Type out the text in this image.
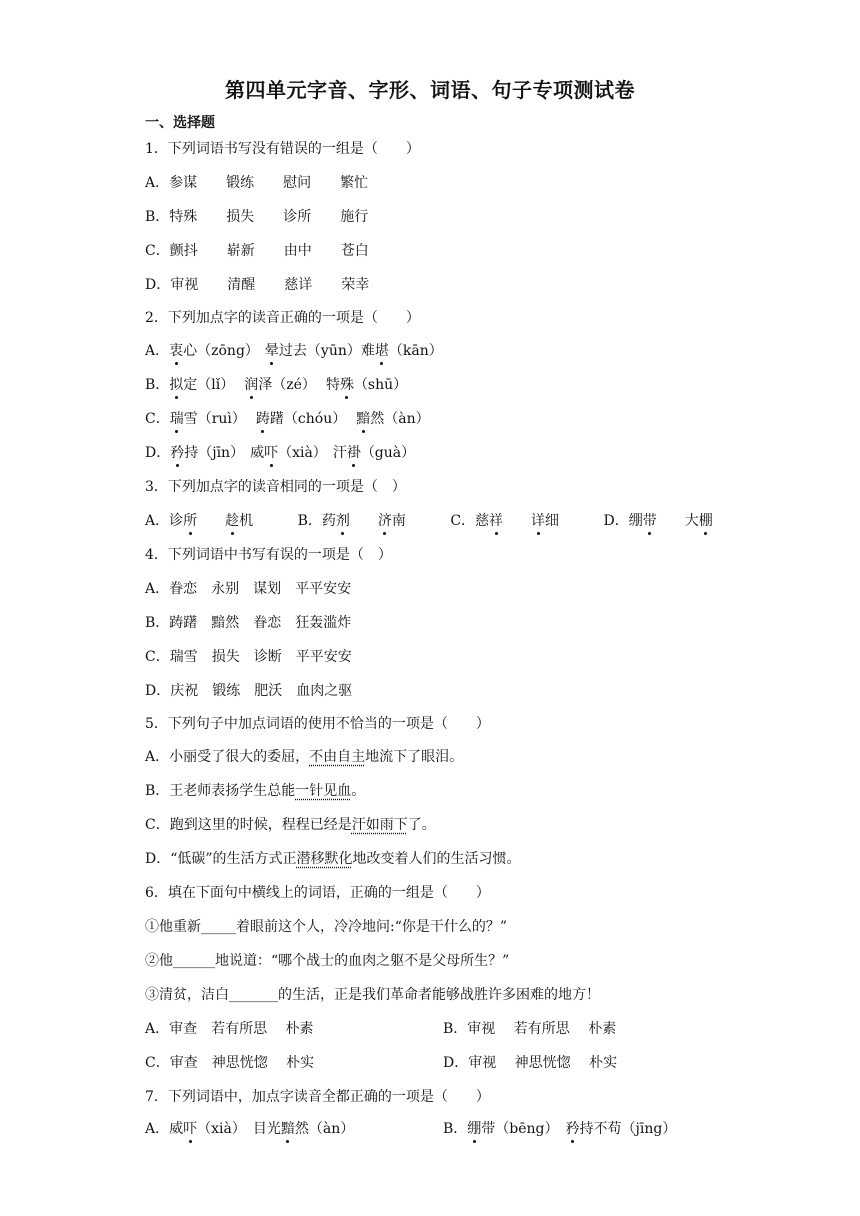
第四单元字音、字形、词语、句子专项测试卷
一、选择题
1．下列词语书写没有错误的一组是（　　）
A．参谋 锻练 慰问 繁忙
B．特殊 损失 诊所 施行
C．颤抖 崭新 由中 苍白
D．审视 清醒 慈详 荣幸
2．下列加点字的读音正确的一项是（　　）
A．衷心（zōng） 晕过去（yūn）难堪（kān）
B．拟定（lǐ） 润泽（zé） 特殊（shū）
C．瑞雪（ruì） 踌躇（chóu） 黯然（àn）
D．矜持（jīn） 威吓（xià） 汗褂（guà）
3．下列加点字的读音相同的一项是（　）
A．诊所 趁机	B．药剂 济南	C．慈祥 详细	D．绷带 大棚
4．下列词语中书写有误的一项是（　）
A．眷恋　永别　谋划　平平安安
B．踌躇　黯然　眷恋　狂轰滥炸
C．瑞雪　损失　诊断　平平安安
D．庆祝　锻练　肥沃　血肉之驱
5．下列句子中加点词语的使用不恰当的一项是（　　）
A．小丽受了很大的委屈，不由自主地流下了眼泪。
B．王老师表扬学生总能一针见血。
C．跑到这里的时候，程程已经是汗如雨下了。
D．“低碳”的生活方式正潜移默化地改变着人们的生活习惯。
6．填在下面句中横线上的词语，正确的一组是（　　）
①他重新_____着眼前这个人，冷冷地问:“你是干什么的？”
②他______地说道：“哪个战士的血肉之躯不是父母所生？”
③清贫，洁白_______的生活，正是我们革命者能够战胜许多困难的地方！
A．审查　若有所思　 朴素	B．审视　 若有所思　 朴素
C．审查　神思恍惚　 朴实	D．审视　 神思恍惚　 朴实
7．下列词语中，加点字读音全都正确的一项是（　　）
A．威吓（xià）　目光黯然（àn）	B．绷带（bēng）　矜持不苟（jīng）
